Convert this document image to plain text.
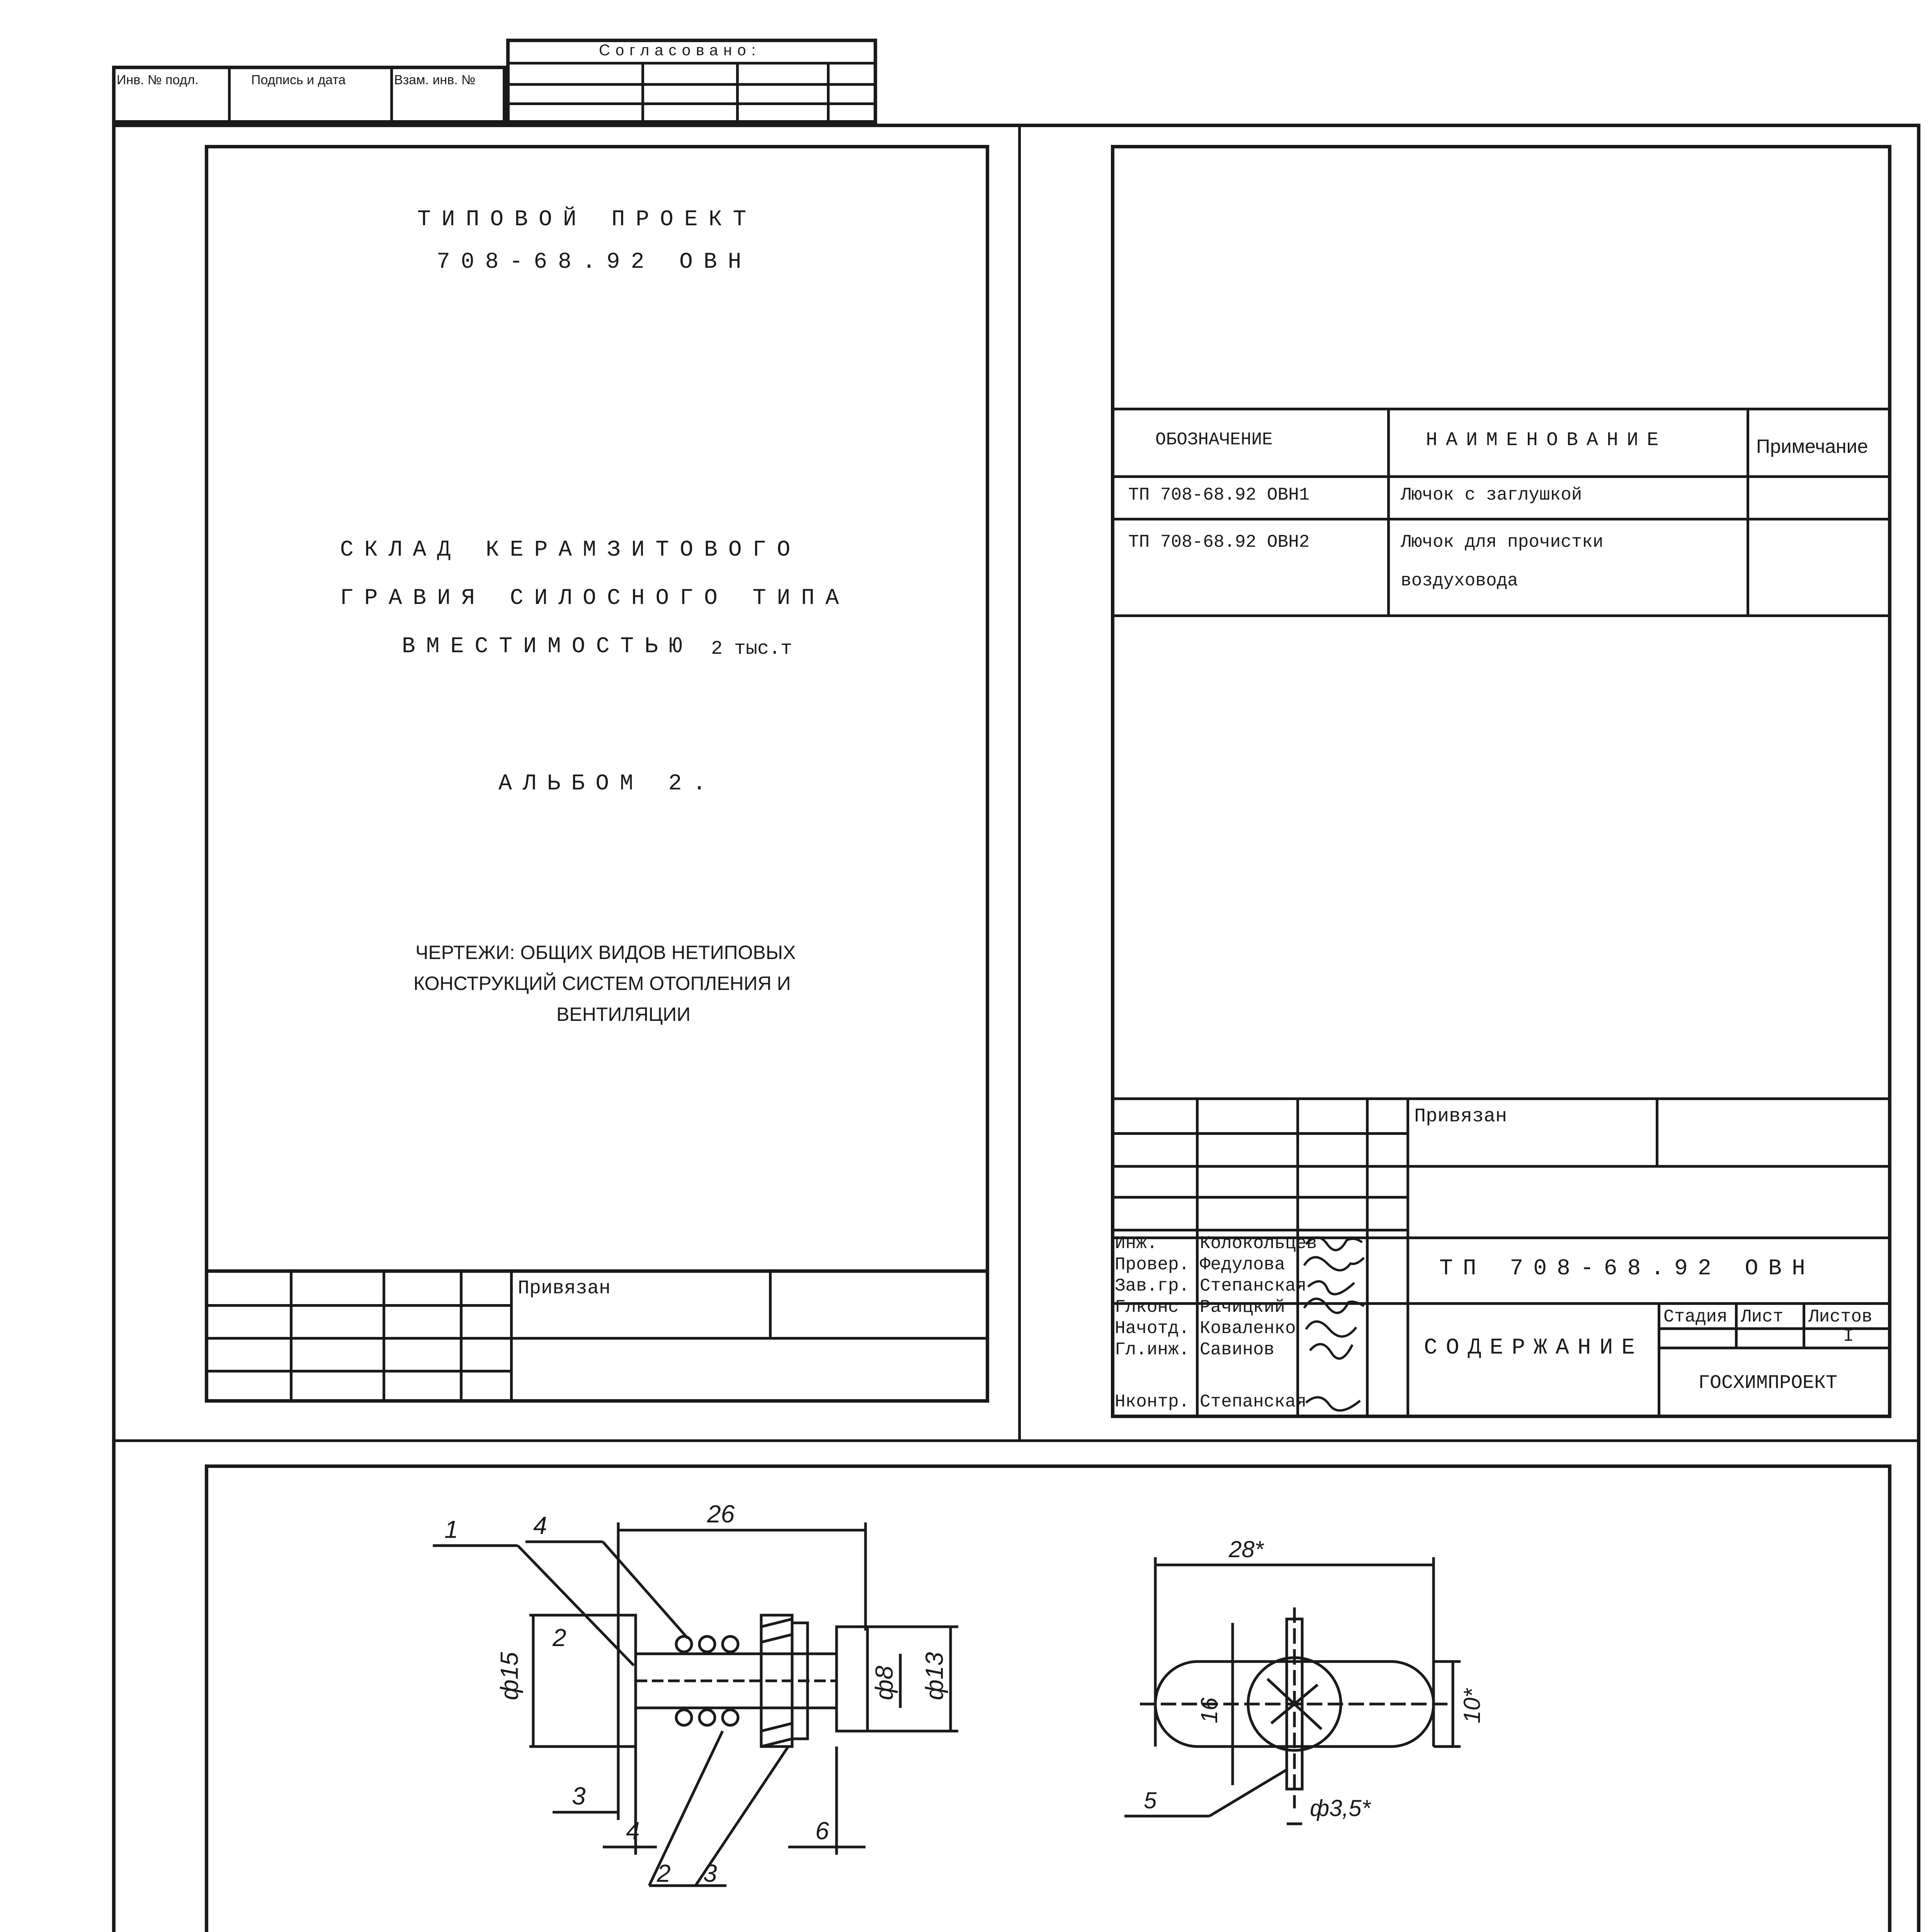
Инв. № подл.	Подпись и дата	Взам. инв. №
Согласовано:
ТИПОВОЙ ПРОЕКТ
708-68.92 ОВН
СКЛАД КЕРАМЗИТОВОГО
ГРАВИЯ СИЛОСНОГО ТИПА
ВМЕСТИМОСТЬЮ 2 тыс.т
АЛЬБОМ 2.
ЧЕРТЕЖИ: ОБЩИХ ВИДОВ НЕТИПОВЫХ
КОНСТРУКЦИЙ СИСТЕМ ОТОПЛЕНИЯ И
ВЕНТИЛЯЦИИ
Привязан
ОБОЗНАЧЕНИЕ	НАИМЕНОВАНИЕ	Примечание
ТП 708-68.92 ОВН1	Лючок с заглушкой
ТП 708-68.92 ОВН2	Лючок для прочистки
воздуховода
Привязан
ТП 708-68.92 ОВН
СОДЕРЖАНИЕ
Стадия Лист Листов
I
ГОСХИМПРОЕКТ
Инж. Колокольцев
Провер. Федулова
Зав.гр. Степанская
Глконс Рачицкий
Начотд. Коваленко
Гл.инж. Савинов
Нконтр. Степанская
26
ф15
2
ф8 ф13
3
4	6
1	4
2 3
28*
16	10*
ф3,5*
5
